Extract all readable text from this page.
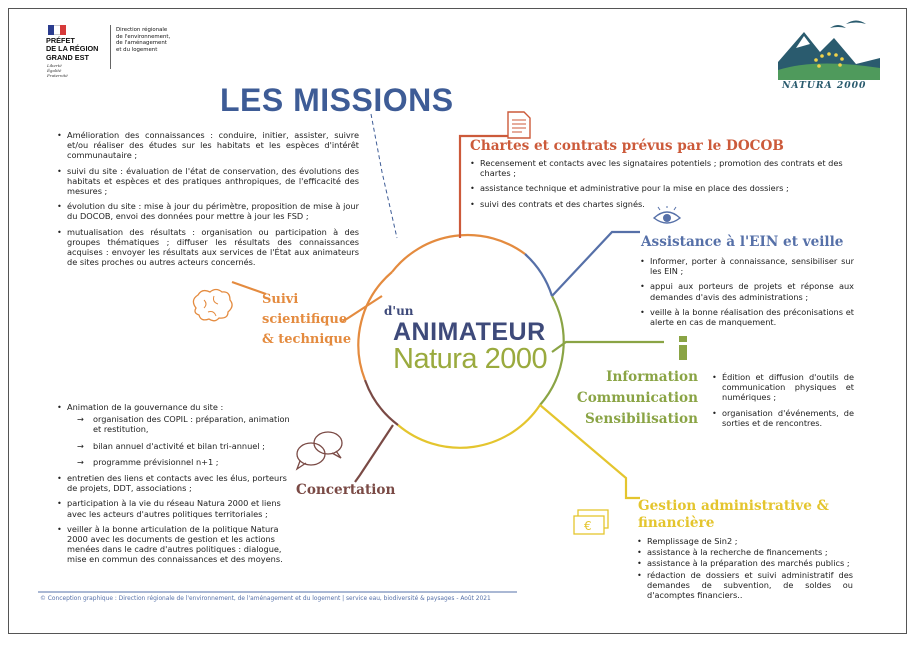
PRÉFET
DE LA RÉGION
GRAND EST
Liberté
Égalité
Fraternité
Direction régionale
de l'environnement,
de l'aménagement
et du logement
NATURA 2000
LES MISSIONS
€
d'un
ANIMATEUR
Natura 2000
• Amélioration des connaissances : conduire, initier, assister, suivre et/ou réaliser des études sur les habitats et les espèces d'intérêt communautaire ;
• suivi du site : évaluation de l'état de conservation, des évolutions des habitats et espèces et des pratiques anthropiques, de l'efficacité des mesures ;
• évolution du site : mise à jour du périmètre, proposition de mise à jour du DOCOB, envoi des données pour mettre à jour les FSD ;
• mutualisation des résultats : organisation ou participation à des groupes thématiques ; diffuser les résultats des connaissances acquises : envoyer les résultats aux services de l'État aux animateurs de sites proches ou autres acteurs concernés.
Suivi
scientifique
& technique
Chartes et contrats prévus par le DOCOB
• Recensement et contacts avec les signataires potentiels ; promotion des contrats et des chartes ;
• assistance technique et administrative pour la mise en place des dossiers ;
• suivi des contrats et des chartes signés.
Assistance à l'EIN et veille
• Informer, porter à connaissance, sensibiliser sur les EIN ;
• appui aux porteurs de projets et réponse aux demandes d'avis des administrations ;
• veille à la bonne réalisation des préconisations et alerte en cas de manquement.
Information
Communication
Sensibilisation
• Édition et diffusion d'outils de communication physiques et numériques ;
• organisation d'événements, de sorties et de rencontres.
Gestion administrative &
financière
• Remplissage de Sin2 ;
• assistance à la recherche de financements ;
• assistance à la préparation des marchés publics ;
• rédaction de dossiers et suivi administratif des demandes de subvention, de soldes ou d'acomptes financiers..
Concertation
• Animation de la gouvernance du site :
→ organisation des COPIL : préparation, animation et restitution,
→ bilan annuel d'activité et bilan tri-annuel ;
→ programme prévisionnel n+1 ;
• entretien des liens et contacts avec les élus, porteurs de projets, DDT, associations ;
• participation à la vie du réseau Natura 2000 et liens avec les acteurs d'autres politiques territoriales ;
• veiller à la bonne articulation de la politique Natura 2000 avec les documents de gestion et les actions menées dans le cadre d'autres politiques : dialogue, mise en commun des connaissances et des moyens.
© Conception graphique : Direction régionale de l'environnement, de l'aménagement et du logement | service eau, biodiversité & paysages - Août 2021
